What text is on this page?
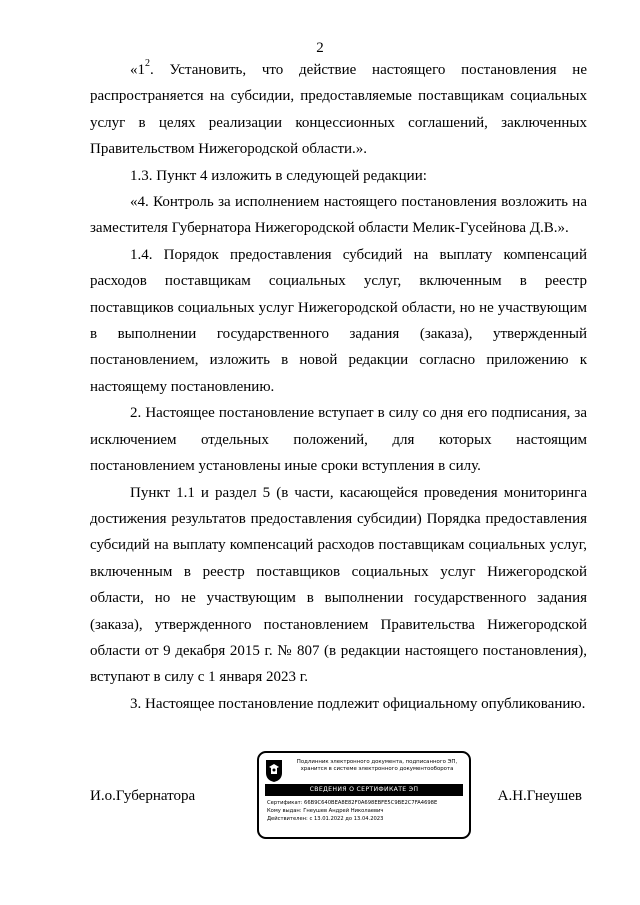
2

«$1^2$. Установить, что действие настоящего постановления не распространяется на субсидии, предоставляемые поставщикам социальных услуг в целях реализации концессионных соглашений, заключенных Правительством Нижегородской области.».

1.3. Пункт 4 изложить в следующей редакции:

«4. Контроль за исполнением настоящего постановления возложить на заместителя Губернатора Нижегородской области Мелик-Гусейнова Д.В.».

1.4. Порядок предоставления субсидий на выплату компенсаций расходов поставщикам социальных услуг, включенным в реестр поставщиков социальных услуг Нижегородской области, но не участвующим в выполнении государственного задания (заказа), утвержденный постановлением, изложить в новой редакции согласно приложению к настоящему постановлению.

2. Настоящее постановление вступает в силу со дня его подписания, за исключением отдельных положений, для которых настоящим постановлением установлены иные сроки вступления в силу.

Пункт 1.1 и раздел 5 (в части, касающейся проведения мониторинга достижения результатов предоставления субсидии) Порядка предоставления субсидий на выплату компенсаций расходов поставщикам социальных услуг, включенным в реестр поставщиков социальных услуг Нижегородской области, но не участвующим в выполнении государственного задания (заказа), утвержденного постановлением Правительства Нижегородской области от 9 декабря 2015 г. № 807 (в редакции настоящего постановления), вступают в силу с 1 января 2023 г.

3. Настоящее постановление подлежит официальному опубликованию.

И.о.Губернатора	А.Н.Гнеушев
Подлинник электронного документа, подписанного ЭП, хранится в системе электронного документооборота
СВЕДЕНИЯ О СЕРТИФИКАТЕ ЭП
Сертификат: 66B9C640BEA8E82F0A698EBFE5C9BE2C7FA4698E
Кому выдан: Гнеушев Андрей Николаевич
Действителен: с 13.01.2022 до 13.04.2023
